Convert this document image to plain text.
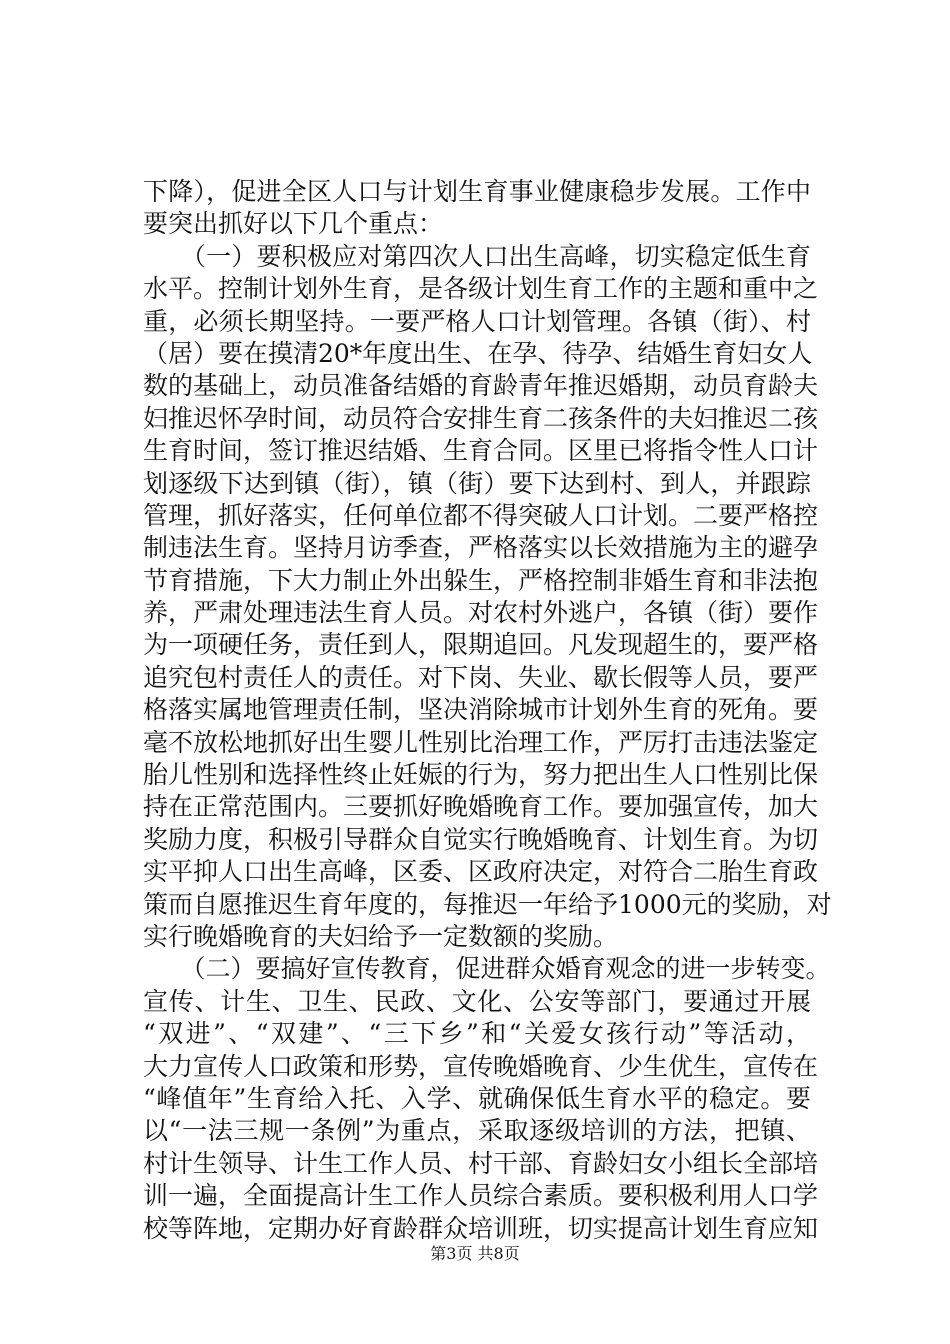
下降），促进全区人口与计划生育事业健康稳步发展。工作中
要突出抓好以下几个重点：
　　（一）要积极应对第四次人口出生高峰，切实稳定低生育
水平。控制计划外生育，是各级计划生育工作的主题和重中之
重，必须长期坚持。一要严格人口计划管理。各镇（街）、村
（居）要在摸清20*年度出生、在孕、待孕、结婚生育妇女人
数的基础上，动员准备结婚的育龄青年推迟婚期，动员育龄夫
妇推迟怀孕时间，动员符合安排生育二孩条件的夫妇推迟二孩
生育时间，签订推迟结婚、生育合同。区里已将指令性人口计
划逐级下达到镇（街），镇（街）要下达到村、到人，并跟踪
管理，抓好落实，任何单位都不得突破人口计划。二要严格控
制违法生育。坚持月访季查，严格落实以长效措施为主的避孕
节育措施，下大力制止外出躲生，严格控制非婚生育和非法抱
养，严肃处理违法生育人员。对农村外逃户，各镇（街）要作
为一项硬任务，责任到人，限期追回。凡发现超生的，要严格
追究包村责任人的责任。对下岗、失业、歇长假等人员，要严
格落实属地管理责任制，坚决消除城市计划外生育的死角。要
毫不放松地抓好出生婴儿性别比治理工作，严厉打击违法鉴定
胎儿性别和选择性终止妊娠的行为，努力把出生人口性别比保
持在正常范围内。三要抓好晚婚晚育工作。要加强宣传，加大
奖励力度，积极引导群众自觉实行晚婚晚育、计划生育。为切
实平抑人口出生高峰，区委、区政府决定，对符合二胎生育政
策而自愿推迟生育年度的，每推迟一年给予1000元的奖励，对
实行晚婚晚育的夫妇给予一定数额的奖励。
　　（二）要搞好宣传教育，促进群众婚育观念的进一步转变。
宣传、计生、卫生、民政、文化、公安等部门，要通过开展
“双进”、“双建”、“三下乡”和“关爱女孩行动”等活动，
大力宣传人口政策和形势，宣传晚婚晚育、少生优生，宣传在
“峰值年”生育给入托、入学、就确保低生育水平的稳定。要
以“一法三规一条例”为重点，采取逐级培训的方法，把镇、
村计生领导、计生工作人员、村干部、育龄妇女小组长全部培
训一遍，全面提高计生工作人员综合素质。要积极利用人口学
校等阵地，定期办好育龄群众培训班，切实提高计划生育应知
第3页 共8页
